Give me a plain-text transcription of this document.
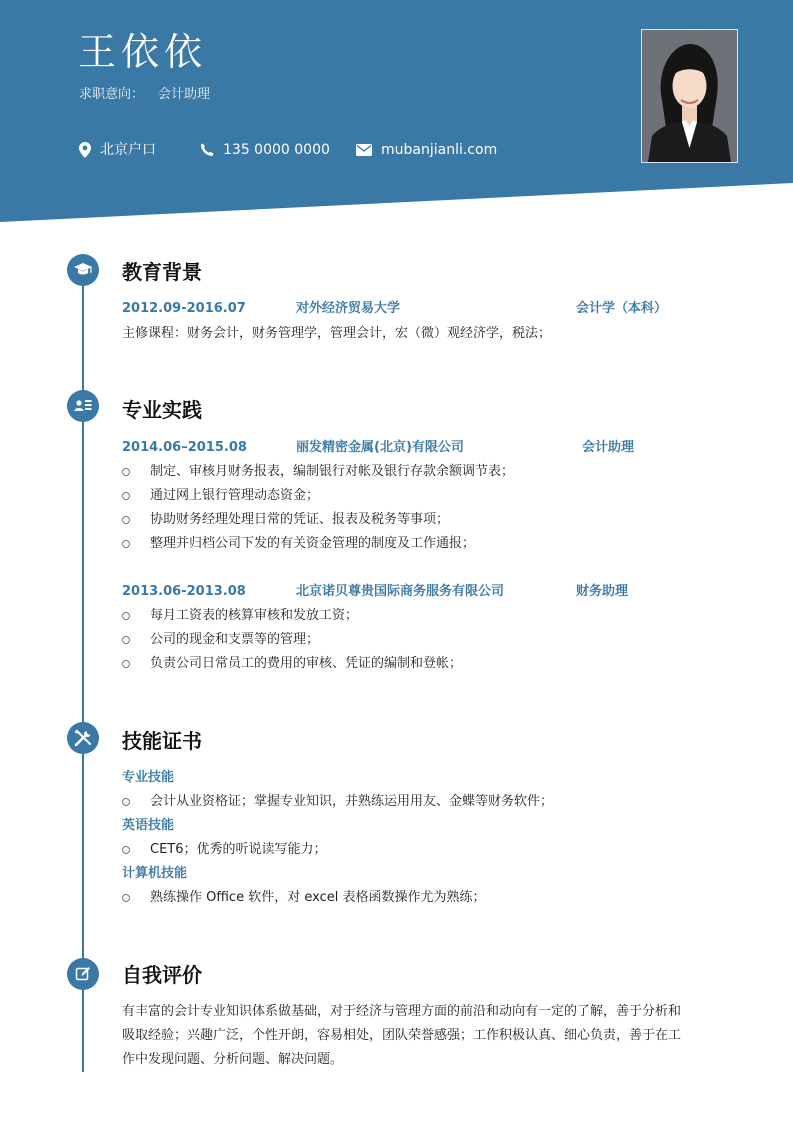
王依依
求职意向： 会计助理
北京户口	135 0000 0000	mubanjianli.com
教育背景
2012.09-2016.07	对外经济贸易大学	会计学（本科）
主修课程：财务会计，财务管理学，管理会计，宏（微）观经济学，税法；
专业实践
2014.06–2015.08	丽发精密金属(北京)有限公司	会计助理
制定、审核月财务报表，编制银行对帐及银行存款余额调节表；
通过网上银行管理动态资金；
协助财务经理处理日常的凭证、报表及税务等事项；
整理并归档公司下发的有关资金管理的制度及工作通报；
2013.06-2013.08	北京诺贝尊贵国际商务服务有限公司	财务助理
每月工资表的核算审核和发放工资；
公司的现金和支票等的管理；
负责公司日常员工的费用的审核、凭证的编制和登帐；
技能证书
专业技能
会计从业资格证；掌握专业知识，并熟练运用用友、金蝶等财务软件；
英语技能
CET6；优秀的听说读写能力；
计算机技能
熟练操作 Office 软件，对 excel 表格函数操作尤为熟练；
自我评价
有丰富的会计专业知识体系做基础，对于经济与管理方面的前沿和动向有一定的了解，善于分析和
吸取经验；兴趣广泛，个性开朗，容易相处，团队荣誉感强；工作积极认真、细心负责，善于在工
作中发现问题、分析问题、解决问题。
